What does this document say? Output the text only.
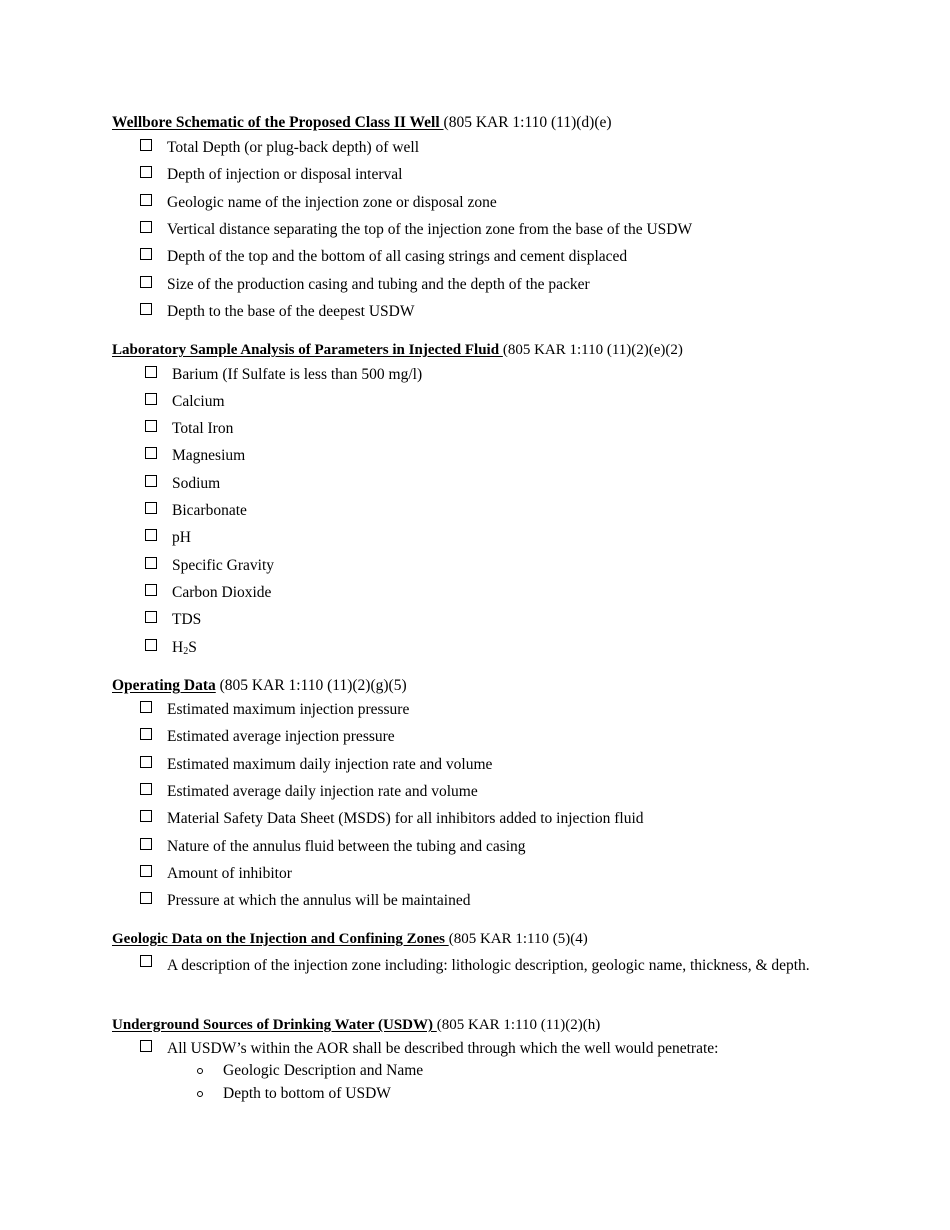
Wellbore Schematic of the Proposed Class II Well (805 KAR 1:110 (11)(d)(e)
Total Depth (or plug-back depth) of well
Depth of injection or disposal interval
Geologic name of the injection zone or disposal zone
Vertical distance separating the top of the injection zone from the base of the USDW
Depth of the top and the bottom of all casing strings and cement displaced
Size of the production casing and tubing and the depth of the packer
Depth to the base of the deepest USDW
Laboratory Sample Analysis of Parameters in Injected Fluid (805 KAR 1:110 (11)(2)(e)(2)
Barium (If Sulfate is less than 500 mg/l)
Calcium
Total Iron
Magnesium
Sodium
Bicarbonate
pH
Specific Gravity
Carbon Dioxide
TDS
$H_2S$
Operating Data (805 KAR 1:110 (11)(2)(g)(5)
Estimated maximum injection pressure
Estimated average injection pressure
Estimated maximum daily injection rate and volume
Estimated average daily injection rate and volume
Material Safety Data Sheet (MSDS) for all inhibitors added to injection fluid
Nature of the annulus fluid between the tubing and casing
Amount of inhibitor
Pressure at which the annulus will be maintained
Geologic Data on the Injection and Confining Zones (805 KAR 1:110 (5)(4)
A description of the injection zone including: lithologic description, geologic name, thickness, & depth.
Underground Sources of Drinking Water (USDW) (805 KAR 1:110 (11)(2)(h)
All USDW’s within the AOR shall be described through which the well would penetrate:
Geologic Description and Name
Depth to bottom of USDW
